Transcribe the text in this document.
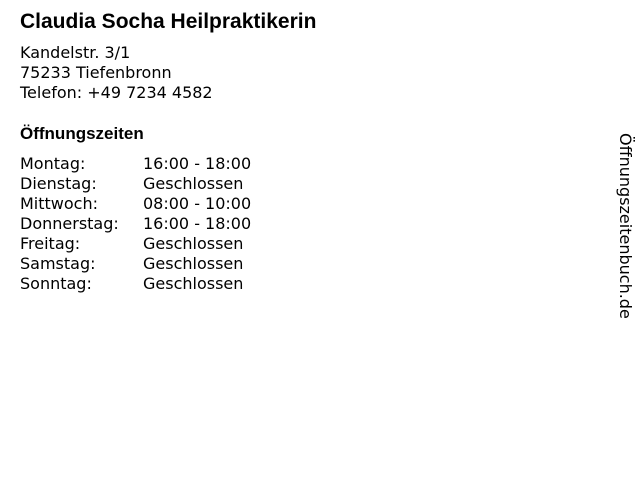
Claudia Socha Heilpraktikerin
Kandelstr. 3/1
75233 Tiefenbronn
Telefon: +49 7234 4582
Öffnungszeiten
Montag:	16:00 - 18:00
Dienstag:	Geschlossen
Mittwoch:	08:00 - 10:00
Donnerstag:	16:00 - 18:00
Freitag:	Geschlossen
Samstag:	Geschlossen
Sonntag:	Geschlossen	Öffnungszeitenbuch.de
